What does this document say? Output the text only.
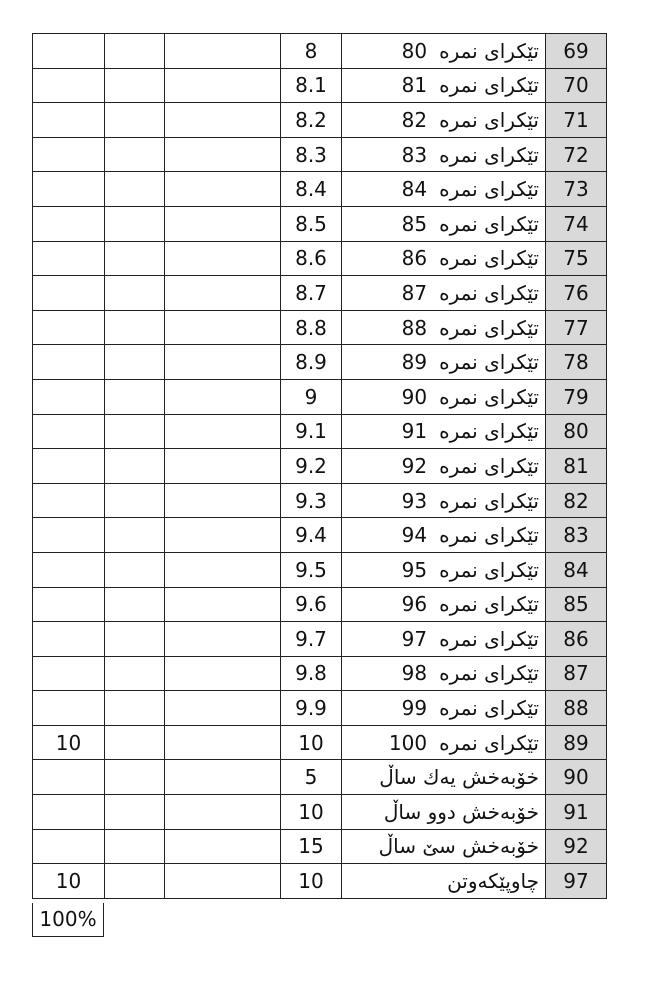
			8	تێكرای نمرە80	69
			8.1	تێكرای نمرە81	70
			8.2	تێكرای نمرە82	71
			8.3	تێكرای نمرە83	72
			8.4	تێكرای نمرە84	73
			8.5	تێكرای نمرە85	74
			8.6	تێكرای نمرە86	75
			8.7	تێكرای نمرە87	76
			8.8	تێكرای نمرە88	77
			8.9	تێكرای نمرە89	78
			9	تێكرای نمرە90	79
			9.1	تێكرای نمرە91	80
			9.2	تێكرای نمرە92	81
			9.3	تێكرای نمرە93	82
			9.4	تێكرای نمرە94	83
			9.5	تێكرای نمرە95	84
			9.6	تێكرای نمرە96	85
			9.7	تێكرای نمرە97	86
			9.8	تێكرای نمرە98	87
			9.9	تێكرای نمرە99	88
10			10	تێكرای نمرە100	89
			5	خۆبەخش یەك ساڵ	90
			10	خۆبەخش دوو ساڵ	91
			15	خۆبەخش سێ ساڵ	92
10			10	چاوپێکەوتن	97
100%
